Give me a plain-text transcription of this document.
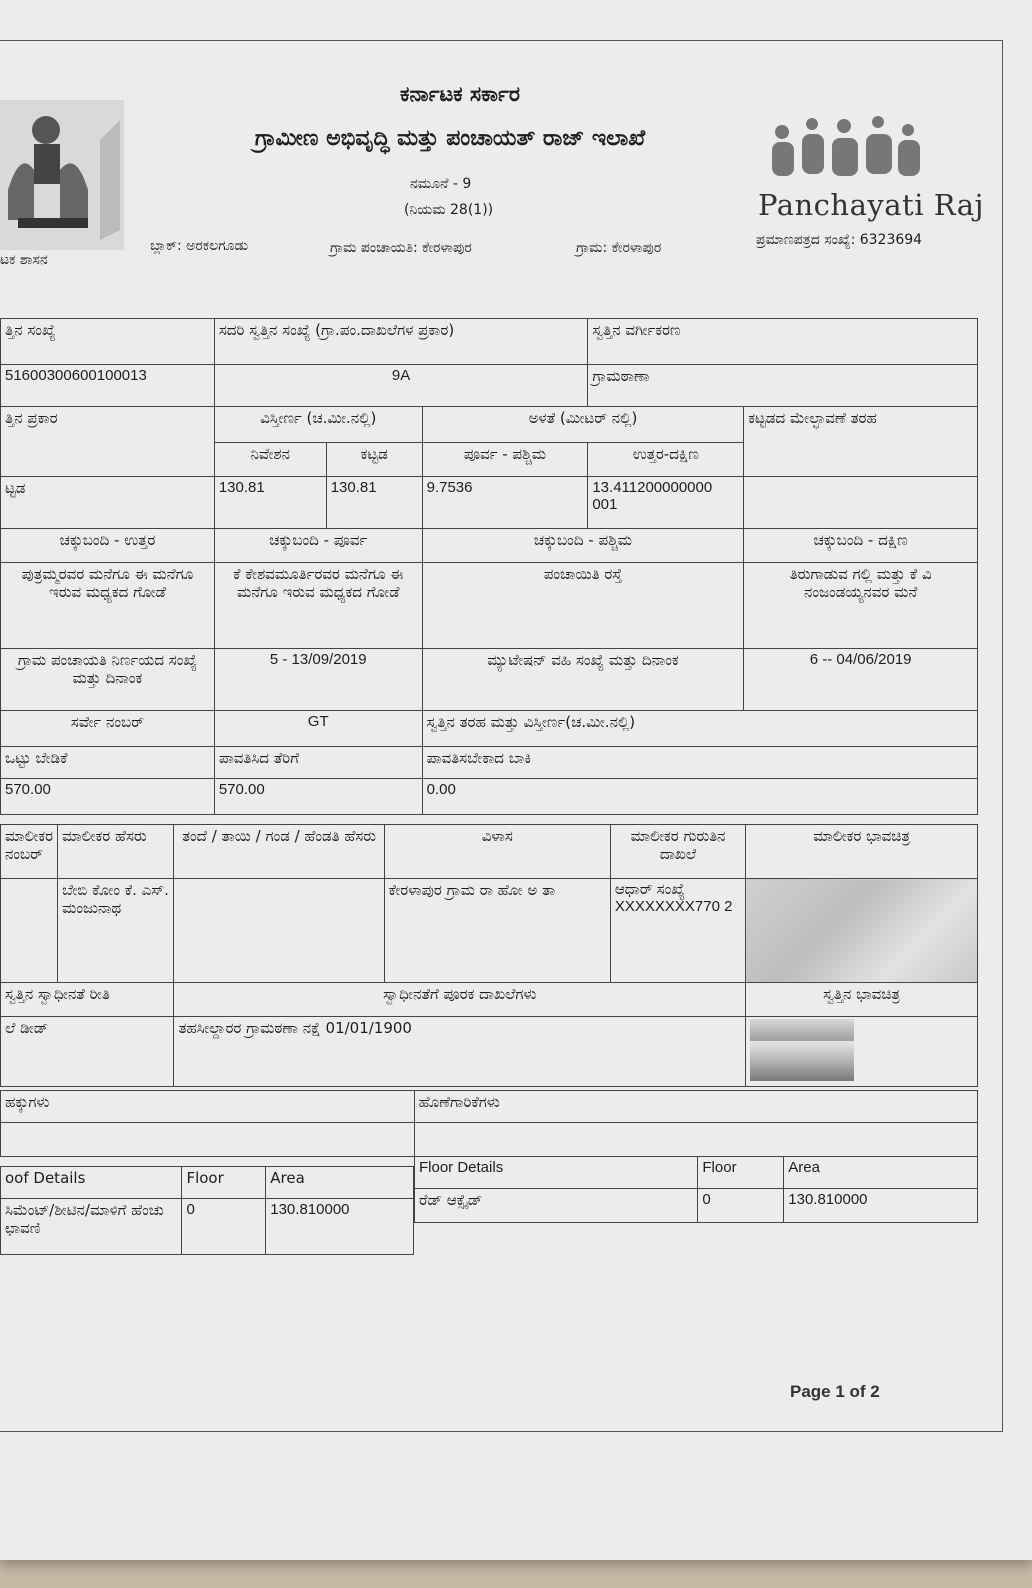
ಟಕ ಶಾಸನ
ಕರ್ನಾಟಕ ಸರ್ಕಾರ
ಗ್ರಾಮೀಣ ಅಭಿವೃದ್ಧಿ ಮತ್ತು ಪಂಚಾಯತ್ ರಾಜ್ ಇಲಾಖೆ
ನಮೂನೆ - 9
(ನಿಯಮ 28(1))	Panchayati Raj
ಬ್ಲಾಕ್: ಅರಕಲಗೂಡು	ಗ್ರಾಮ ಪಂಚಾಯತಿ: ಕೇರಳಾಪುರ	ಗ್ರಾಮ: ಕೇರಳಾಪುರ	ಪ್ರಮಾಣಪತ್ರದ ಸಂಖ್ಯೆ: 6323694
ತ್ತಿನ ಸಂಖ್ಯೆ	ಸದರಿ ಸ್ವತ್ತಿನ ಸಂಖ್ಯೆ (ಗ್ರಾ.ಪಂ.ದಾಖಲೆಗಳ ಪ್ರಕಾರ)			ಸ್ವತ್ತಿನ ವರ್ಗೀಕರಣ	
51600300600100013	9A			ಗ್ರಾಮಠಾಣಾ	
ತ್ತಿನ ಪ್ರಕಾರ	ವಿಸ್ತೀರ್ಣ (ಚ.ಮೀ.ನಲ್ಲಿ)		ಅಳತೆ (ಮೀಟರ್ ನಲ್ಲಿ)		ಕಟ್ಟಡದ ಮೇಲ್ಛಾವಣೆ ತರಹ
	ನಿವೇಶನ	ಕಟ್ಟಡ	ಪೂರ್ವ - ಪಶ್ಚಿಮ	ಉತ್ತರ-ದಕ್ಷಿಣ	
ಟ್ಟಡ	130.81	130.81	9.7536	13.411200000000 001	
ಚಕ್ಕುಬಂದಿ - ಉತ್ತರ	ಚಕ್ಕುಬಂದಿ - ಪೂರ್ವ		ಚಕ್ಕುಬಂದಿ - ಪಶ್ಚಿಮ		ಚಕ್ಕುಬಂದಿ - ದಕ್ಷಿಣ
ಪುತ್ರಮ್ಮರವರ ಮನೆಗೂ ಈ ಮನೆಗೂ ಇರುವ ಮಧ್ಯಕದ ಗೋಡೆ	ಕೆ ಕೇಶವಮೂರ್ತಿರವರ ಮನೆಗೂ ಈ ಮನೆಗೂ ಇರುವ ಮಧ್ಯಕದ ಗೋಡೆ		ಪಂಚಾಯಿತಿ ರಸ್ತೆ		ತಿರುಗಾಡುವ ಗಲ್ಲಿ ಮತ್ತು ಕೆ ವಿ ನಂಜಂಡಯ್ಯನವರ ಮನೆ
ಗ್ರಾಮ ಪಂಚಾಯತಿ ನಿರ್ಣಯದ ಸಂಖ್ಯೆ ಮತ್ತು ದಿನಾಂಕ	5 - 13/09/2019		ಮ್ಯುಟೇಷನ್ ವಹಿ ಸಂಖ್ಯೆ ಮತ್ತು ದಿನಾಂಕ		6 -- 04/06/2019
ಸರ್ವೇ ನಂಬರ್	GT		ಸ್ವತ್ತಿನ ತರಹ ಮತ್ತು ವಿಸ್ತೀರ್ಣ(ಚ.ಮೀ.ನಲ್ಲಿ)		
ಒಟ್ಟು ಬೇಡಿಕೆ	ಪಾವತಿಸಿದ ತೆರಿಗೆ		ಪಾವತಿಸಬೇಕಾದ ಬಾಕಿ		
570.00	570.00		0.00		
ಮಾಲೀಕರ ನಂಬರ್	ಮಾಲೀಕರ ಹೆಸರು	ತಂದೆ / ತಾಯಿ / ಗಂಡ / ಹೆಂಡತಿ ಹೆಸರು	ವಿಳಾಸ	ಮಾಲೀಕರ ಗುರುತಿನ ದಾಖಲೆ	ಮಾಲೀಕರ ಭಾವಚಿತ್ರ
	ಬೇಬಿ ಕೋಂ ಕೆ. ಎಸ್. ಮಂಜುನಾಥ		ಕೇರಳಾಪುರ ಗ್ರಾಮ ರಾ ಹೋ ಅ ತಾ	ಆಧಾರ್ ಸಂಖ್ಯೆ XXXXXXXX770 2	
ಸ್ವತ್ತಿನ ಸ್ವಾಧೀನತೆ ರೀತಿ		ಸ್ವಾಧೀನತೆಗೆ ಪೂರಕ ದಾಖಲೆಗಳು			ಸ್ವತ್ತಿನ ಭಾವಚಿತ್ರ
ಲೆ ಡೀಡ್		ತಹಸೀಲ್ದಾರರ ಗ್ರಾಮಠಣಾ ನಕ್ಷೆ 01/01/1900			
ಹಕ್ಕುಗಳು	ಹೊಣೆಗಾರಿಕೆಗಳು

oof Details	Floor	Area
ಸಿಮೆಂಟ್/ಶೀಟಿನ/ಮಾಳಿಗೆ ಹೆಂಚು ಛಾವಣಿ	0	130.810000
Floor Details	Floor	Area
ರೆಡ್ ಆಕ್ಸೈಡ್	0	130.810000
Page 1 of 2
